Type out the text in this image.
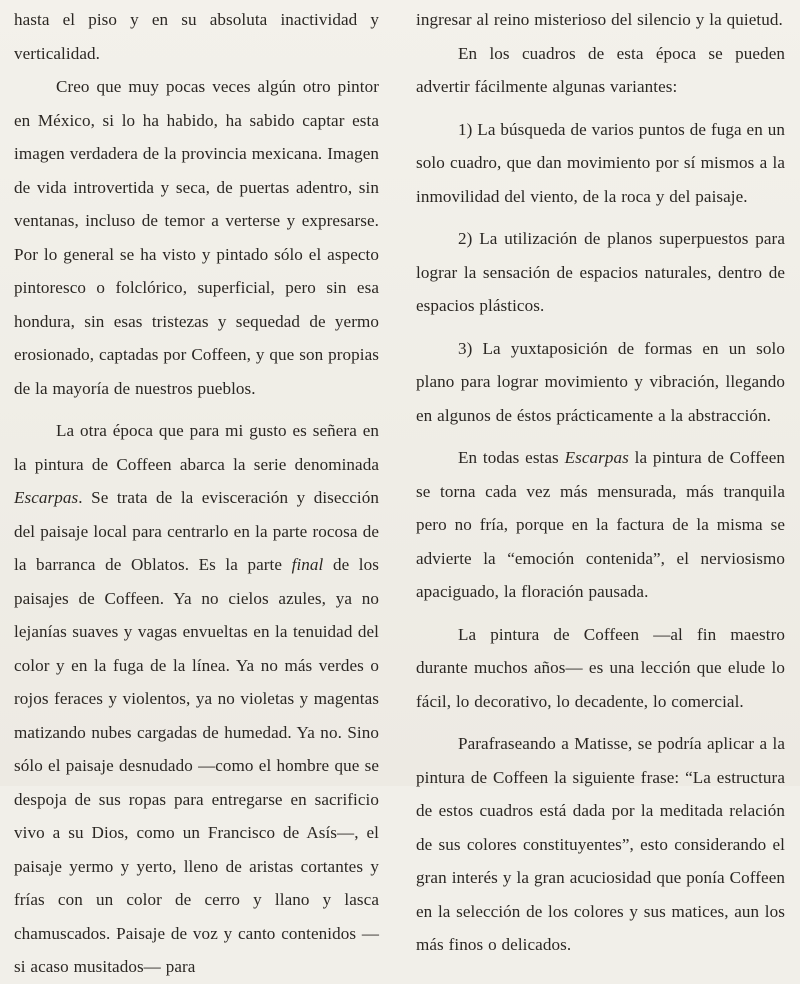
hasta el piso y en su absoluta inactividad y verticalidad.

Creo que muy pocas veces algún otro pintor en México, si lo ha habido, ha sabido captar esta imagen verdadera de la provincia mexicana. Imagen de vida introvertida y seca, de puertas adentro, sin ventanas, incluso de temor a verterse y expresarse. Por lo general se ha visto y pintado sólo el aspecto pintoresco o folclórico, superficial, pero sin esa hondura, sin esas tristezas y sequedad de yermo erosionado, captadas por Coffeen, y que son propias de la mayoría de nuestros pueblos.

La otra época que para mi gusto es señera en la pintura de Coffeen abarca la serie denominada Escarpas. Se trata de la evisceración y disección del paisaje local para centrarlo en la parte rocosa de la barranca de Oblatos. Es la parte final de los paisajes de Coffeen. Ya no cielos azules, ya no lejanías suaves y vagas envueltas en la tenuidad del color y en la fuga de la línea. Ya no más verdes o rojos feraces y violentos, ya no violetas y magentas matizando nubes cargadas de humedad. Ya no. Sino sólo el paisaje desnudado —como el hombre que se despoja de sus ropas para entregarse en sacrificio vivo a su Dios, como un Francisco de Asís—, el paisaje yermo y yerto, lleno de aristas cortantes y frías con un color de cerro y llano y lasca chamuscados. Paisaje de voz y canto contenidos —si acaso musitados— para

ingresar al reino misterioso del silencio y la quietud.

En los cuadros de esta época se pueden advertir fácilmente algunas variantes:

1) La búsqueda de varios puntos de fuga en un solo cuadro, que dan movimiento por sí mismos a la inmovilidad del viento, de la roca y del paisaje.

2) La utilización de planos superpuestos para lograr la sensación de espacios naturales, dentro de espacios plásticos.

3) La yuxtaposición de formas en un solo plano para lograr movimiento y vibración, llegando en algunos de éstos prácticamente a la abstracción.

En todas estas Escarpas la pintura de Coffeen se torna cada vez más mensurada, más tranquila pero no fría, porque en la factura de la misma se advierte la “emoción contenida”, el nerviosismo apaciguado, la floración pausada.

La pintura de Coffeen —al fin maestro durante muchos años— es una lección que elude lo fácil, lo decorativo, lo decadente, lo comercial.

Parafraseando a Matisse, se podría aplicar a la pintura de Coffeen la siguiente frase: “La estructura de estos cuadros está dada por la meditada relación de sus colores constituyentes”, esto considerando el gran interés y la gran acuciosidad que ponía Coffeen en la selección de los colores y sus matices, aun los más finos o delicados.
